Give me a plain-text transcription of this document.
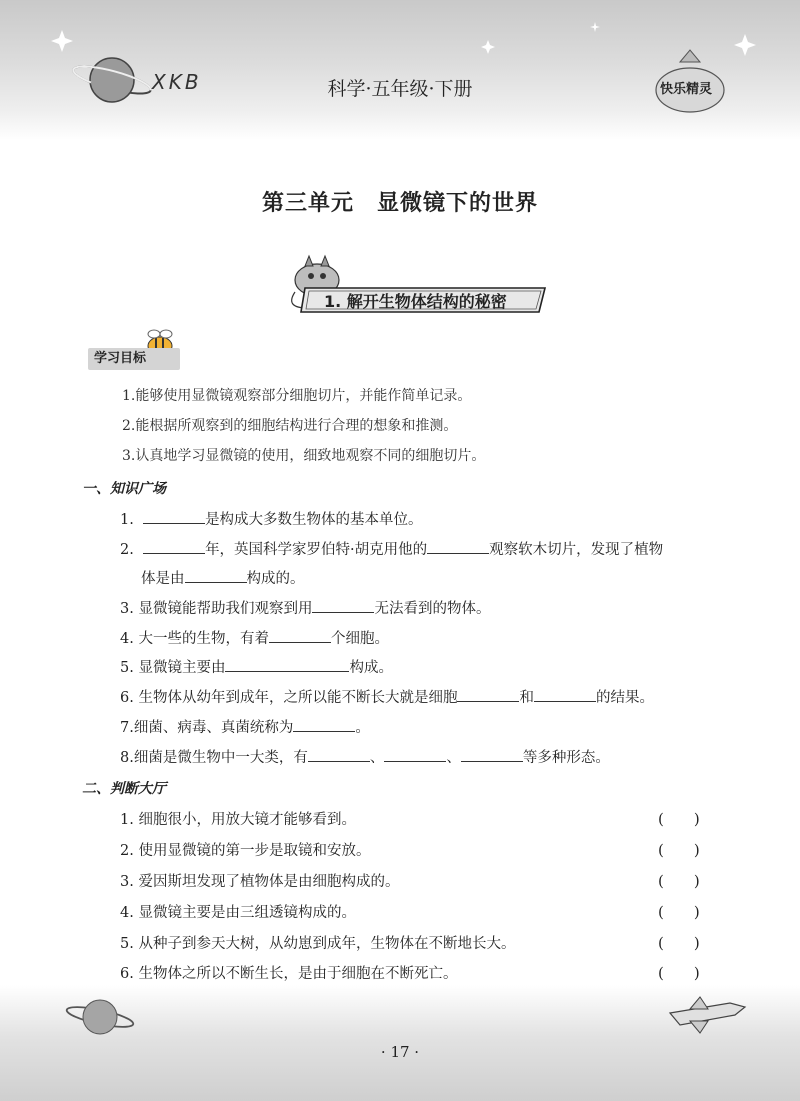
XKB	科学·五年级·下册	快乐精灵
第三单元　显微镜下的世界
1. 解开生物体结构的秘密
学习目标
1.能够使用显微镜观察部分细胞切片，并能作简单记录。
2.能根据所观察到的细胞结构进行合理的想象和推测。
3.认真地学习显微镜的使用，细致地观察不同的细胞切片。
一、知识广场
1.	是构成大多数生物体的基本单位。
2.	年，英国科学家罗伯特·胡克用他的	观察软木切片，发现了植物
体是由	构成的。
3. 显微镜能帮助我们观察到用	无法看到的物体。
4. 大一些的生物，有着	个细胞。
5. 显微镜主要由	构成。
6. 生物体从幼年到成年，之所以能不断长大就是细胞	和	的结果。
7.细菌、病毒、真菌统称为	。
8.细菌是微生物中一大类，有	、	、	等多种形态。
二、判断大厅
1. 细胞很小，用放大镜才能够看到。	(　　)
2. 使用显微镜的第一步是取镜和安放。	(　　)
3. 爱因斯坦发现了植物体是由细胞构成的。	(　　)
4. 显微镜主要是由三组透镜构成的。	(　　)
5. 从种子到参天大树，从幼崽到成年，生物体在不断地长大。	(　　)
6. 生物体之所以不断生长，是由于细胞在不断死亡。	(　　)
· 17 ·
